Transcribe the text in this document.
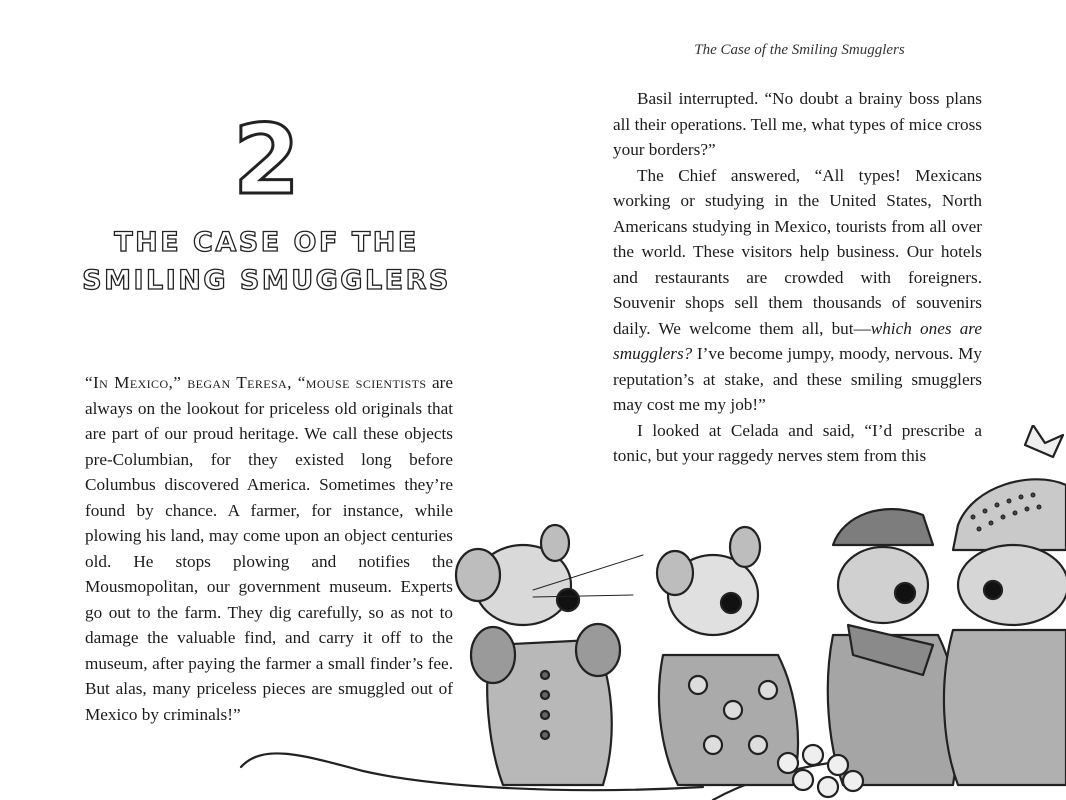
2
THE CASE OF THE
SMILING SMUGGLERS

“In Mexico,” began Teresa, “mouse scientists are always on the lookout for priceless old originals that are part of our proud heritage. We call these objects pre-Columbian, for they existed long before Columbus discovered America. Sometimes they’re found by chance. A farmer, for instance, while plowing his land, may come upon an object centuries old. He stops plowing and notifies the Mousmopolitan, our government museum. Experts go out to the farm. They dig carefully, so as not to damage the valuable find, and carry it off to the museum, after paying the farmer a small finder’s fee. But alas, many priceless pieces are smuggled out of Mexico by criminals!”

The Case of the Smiling Smugglers

Basil interrupted. “No doubt a brainy boss plans all their operations. Tell me, what types of mice cross your borders?”

The Chief answered, “All types! Mexicans working or studying in the United States, North Americans studying in Mexico, tourists from all over the world. These visitors help business. Our hotels and restaurants are crowded with foreigners. Souvenir shops sell them thousands of souvenirs daily. We welcome them all, but—which ones are smugglers? I’ve become jumpy, moody, nervous. My reputation’s at stake, and these smiling smugglers may cost me my job!”

I looked at Celada and said, “I’d prescribe a tonic, but your raggedy nerves stem from this
